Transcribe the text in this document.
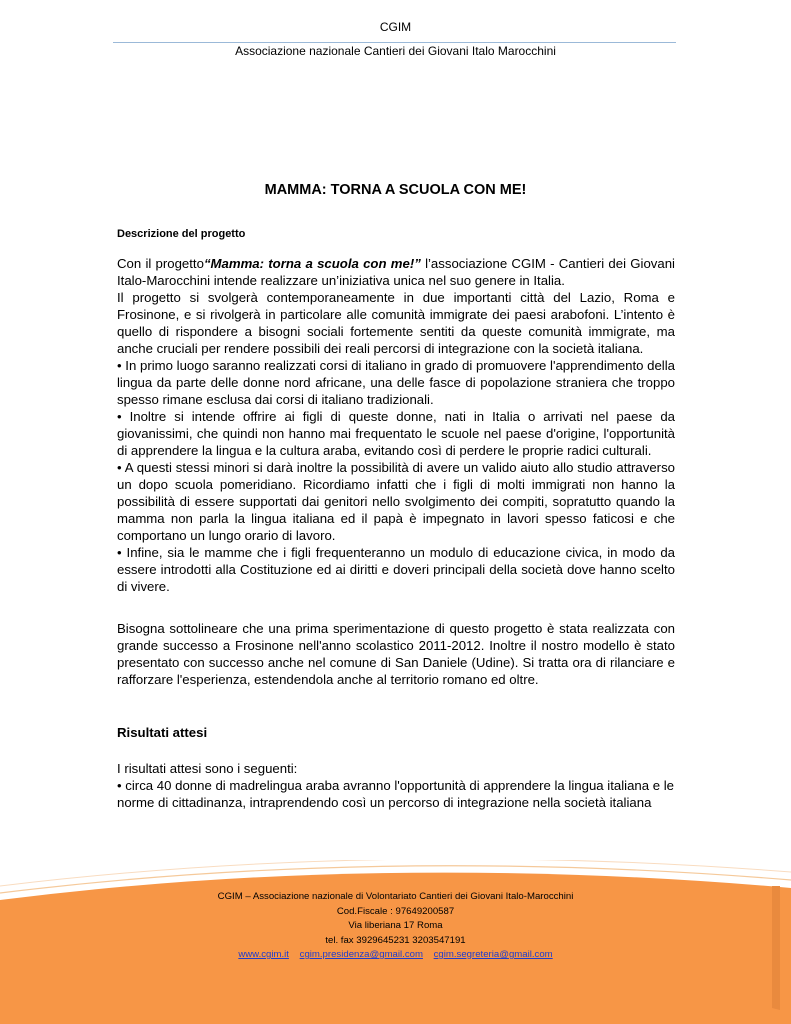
CGIM
Associazione nazionale Cantieri dei Giovani Italo Marocchini
MAMMA: TORNA A SCUOLA CON ME!
Descrizione del progetto

Con il progetto“Mamma: torna a scuola con me!” l’associazione CGIM - Cantieri dei Giovani Italo-Marocchini intende realizzare un’iniziativa unica nel suo genere in Italia.

Il progetto si svolgerà contemporaneamente in due importanti città del Lazio, Roma e Frosinone, e si rivolgerà in particolare alle comunità immigrate dei paesi arabofoni. L’intento è quello di rispondere a bisogni sociali fortemente sentiti da queste comunità immigrate, ma anche cruciali per rendere possibili dei reali percorsi di integrazione con la società italiana.

• In primo luogo saranno realizzati corsi di italiano in grado di promuovere l'apprendimento della lingua da parte delle donne nord africane, una delle fasce di popolazione straniera che troppo spesso rimane esclusa dai corsi di italiano tradizionali.

• Inoltre si intende offrire ai figli di queste donne, nati in Italia o arrivati nel paese da giovanissimi, che quindi non hanno mai frequentato le scuole nel paese d'origine, l'opportunità di apprendere la lingua e la cultura araba, evitando così di perdere le proprie radici culturali.

• A questi stessi minori si darà inoltre la possibilità di avere un valido aiuto allo studio attraverso un dopo scuola pomeridiano. Ricordiamo infatti che i figli di molti immigrati non hanno la possibilità di essere supportati dai genitori nello svolgimento dei compiti, sopratutto quando la mamma non parla la lingua italiana ed il papà è impegnato in lavori spesso faticosi e che comportano un lungo orario di lavoro.

• Infine, sia le mamme che i figli frequenteranno un modulo di educazione civica, in modo da essere introdotti alla Costituzione ed ai diritti e doveri principali della società dove hanno scelto di vivere.

Bisogna sottolineare che una prima sperimentazione di questo progetto è stata realizzata con grande successo a Frosinone nell'anno scolastico 2011-2012. Inoltre il nostro modello è stato presentato con successo anche nel comune di San Daniele (Udine). Si tratta ora di rilanciare e rafforzare l'esperienza, estendendola anche al territorio romano ed oltre.

Risultati attesi

I risultati attesi sono i seguenti:

• circa 40 donne di madrelingua araba avranno l'opportunità di apprendere la lingua italiana e le norme di cittadinanza, intraprendendo così un percorso di integrazione nella società italiana

CGIM – Associazione nazionale di Volontariato Cantieri dei Giovani Italo-Marocchini
Cod.Fiscale : 97649200587
Via liberiana 17 Roma
tel. fax 3929645231 3203547191
www.cgim.it cgim.presidenza@gmail.com cgim.segreteria@gmail.com
